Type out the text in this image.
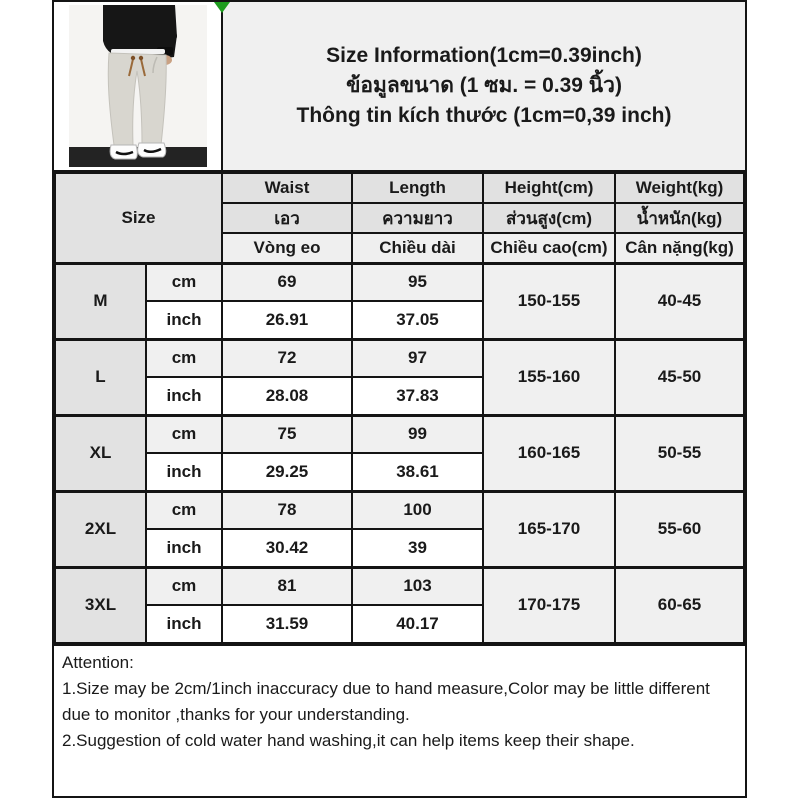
Size Information(1cm=0.39inch)
ข้อมูลขนาด (1 ซม. = 0.39 นิ้ว)
Thông tin kích thước (1cm=0,39 inch)
Size		Waist	Length	Height(cm)	Weight(kg)
		เอว	ความยาว	ส่วนสูง(cm)	น้ำหนัก(kg)
		Vòng eo	Chiều dài	Chiều cao(cm)	Cân nặng(kg)
M	cm	69	95	150-155	40-45
	inch	26.91	37.05		
L	cm	72	97	155-160	45-50
	inch	28.08	37.83		
XL	cm	75	99	160-165	50-55
	inch	29.25	38.61		
2XL	cm	78	100	165-170	55-60
	inch	30.42	39		
3XL	cm	81	103	170-175	60-65
	inch	31.59	40.17		

Attention:

1.Size may be 2cm/1inch inaccuracy due to hand measure,Color may be little different due to monitor ,thanks for your understanding.

2.Suggestion of cold water hand washing,it can help items keep their shape.
